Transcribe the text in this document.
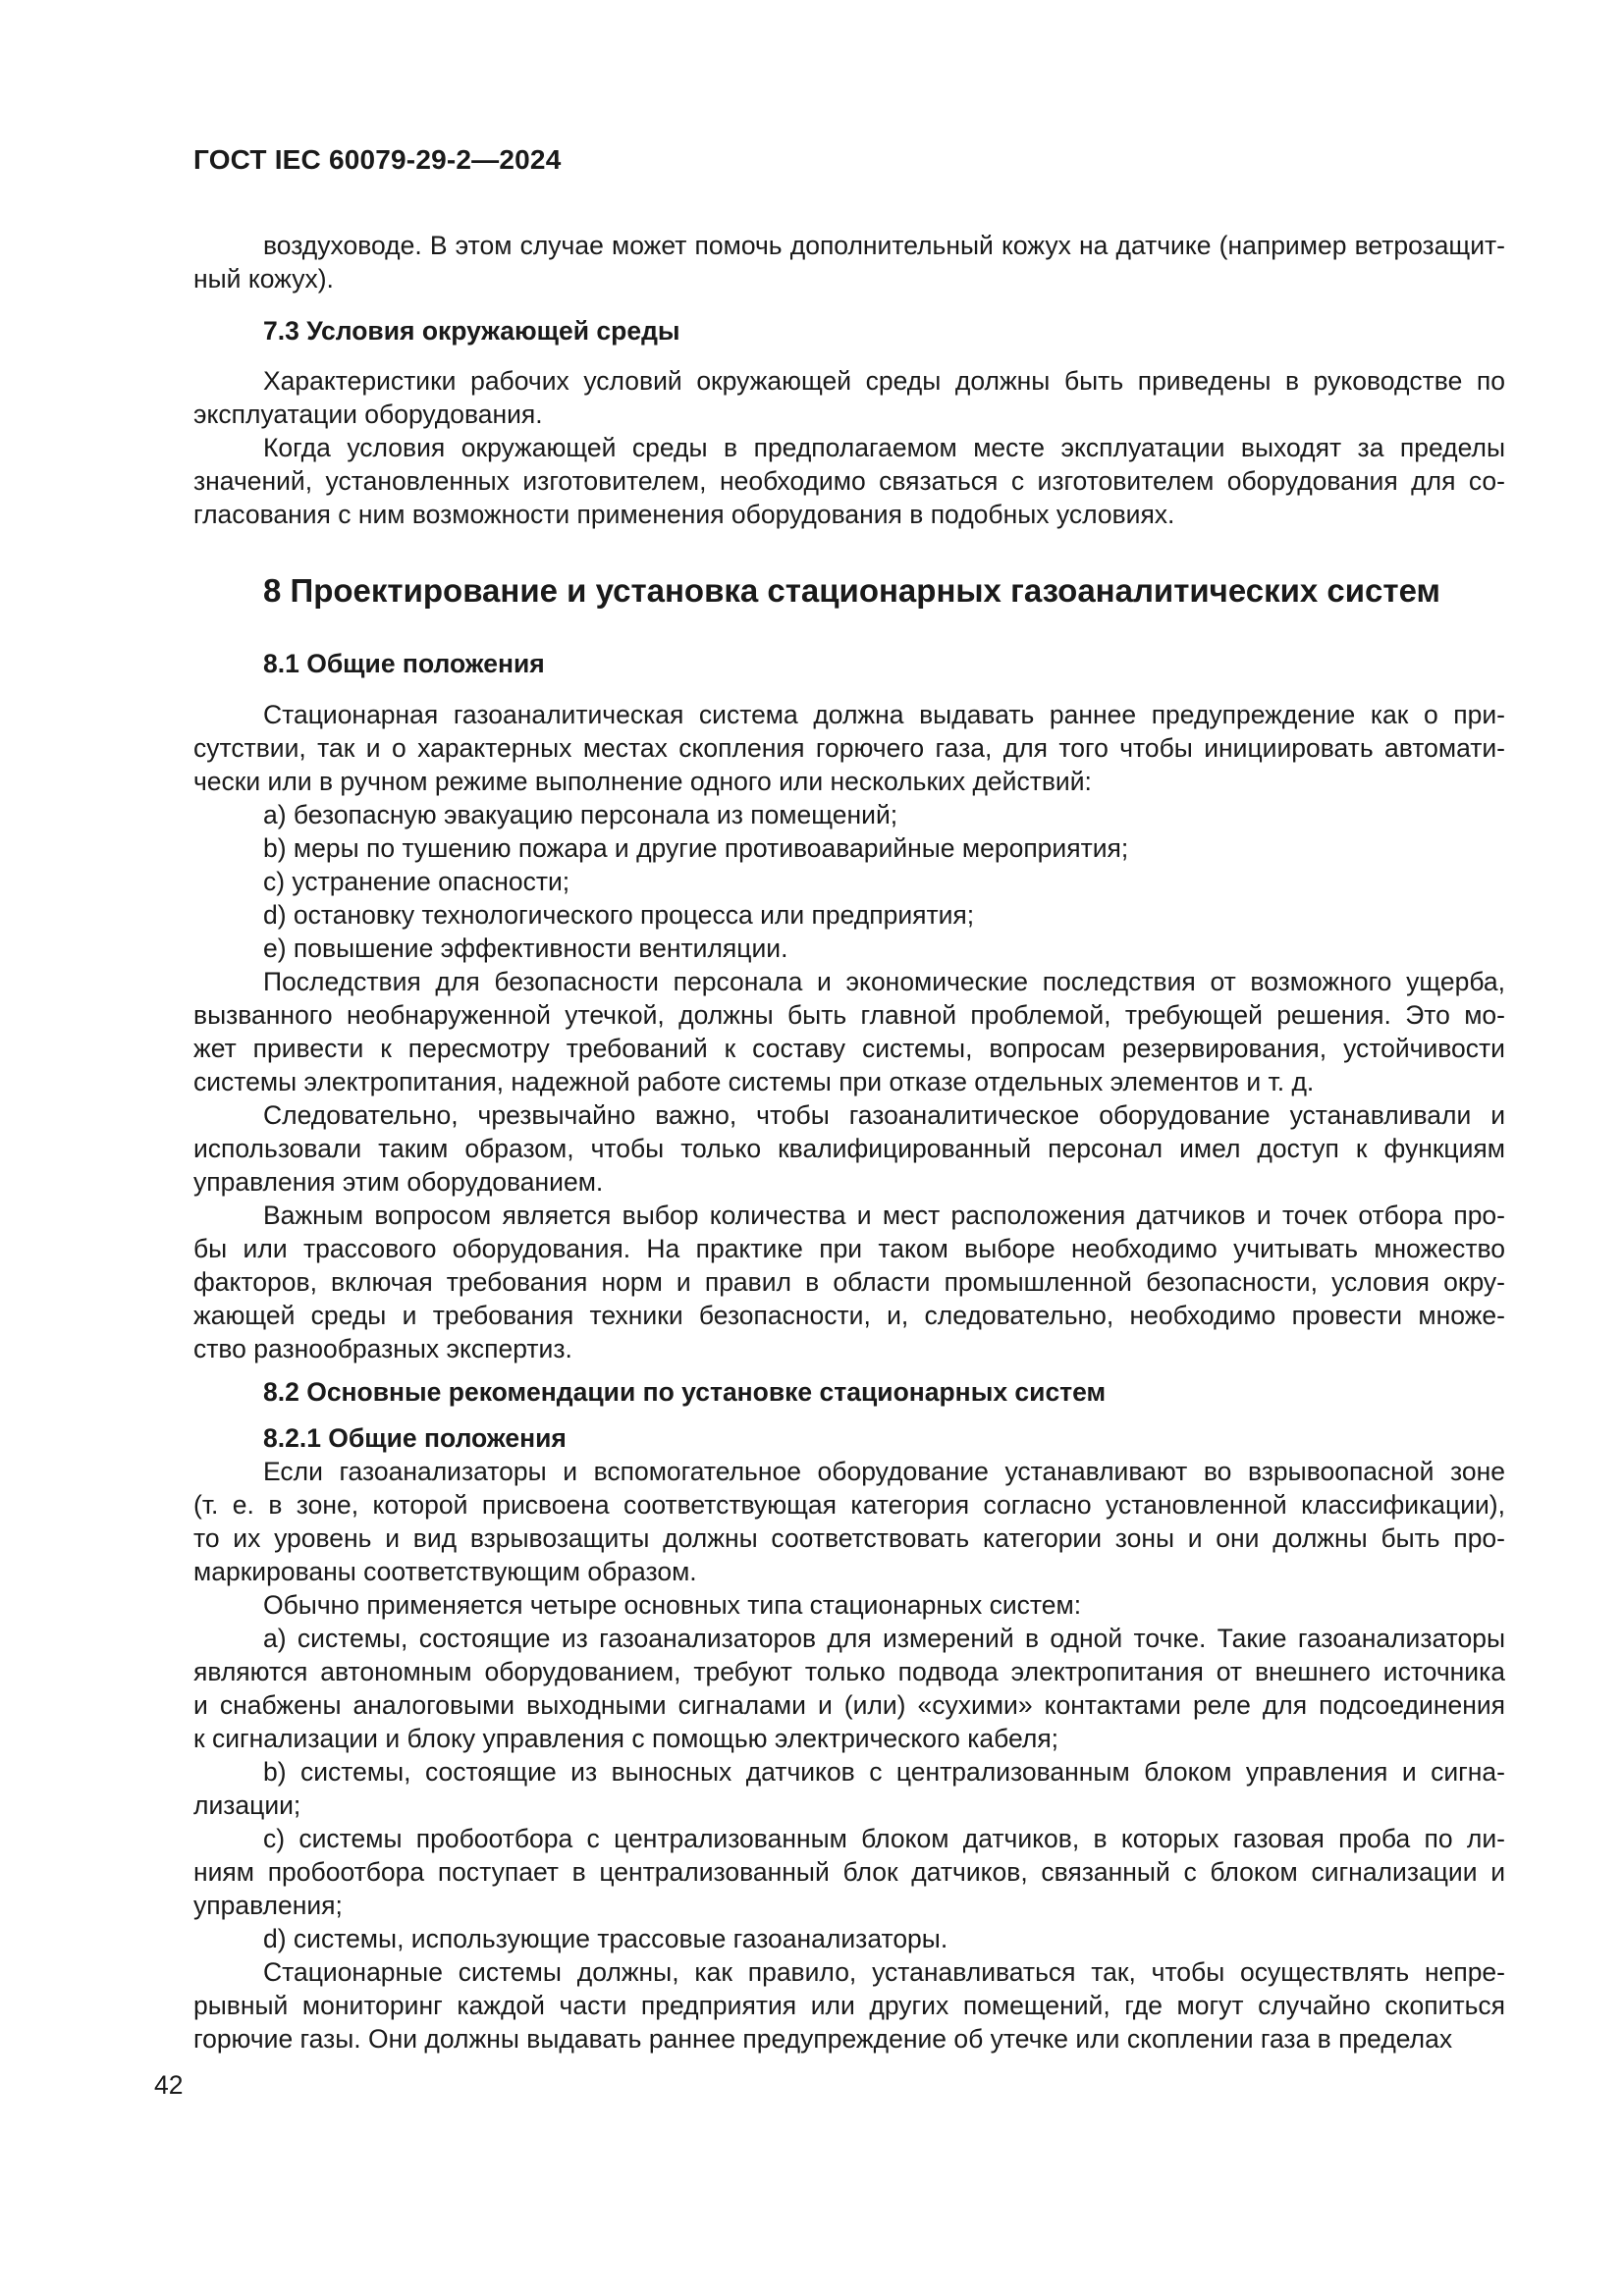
ГОСТ IEC 60079-29-2—2024
воздуховоде. В этом случае может помочь дополнительный кожух на датчике (например ветрозащит-
ный кожух).
7.3 Условия окружающей среды
Характеристики рабочих условий окружающей среды должны быть приведены в руководстве по
эксплуатации оборудования.
Когда условия окружающей среды в предполагаемом месте эксплуатации выходят за пределы
значений, установленных изготовителем, необходимо связаться с изготовителем оборудования для со-
гласования с ним возможности применения оборудования в подобных условиях.
8 Проектирование и установка стационарных газоаналитических систем
8.1 Общие положения
Стационарная газоаналитическая система должна выдавать раннее предупреждение как о при-
сутствии, так и о характерных местах скопления горючего газа, для того чтобы инициировать автомати-
чески или в ручном режиме выполнение одного или нескольких действий:
a) безопасную эвакуацию персонала из помещений;
b) меры по тушению пожара и другие противоаварийные мероприятия;
c) устранение опасности;
d) остановку технологического процесса или предприятия;
e) повышение эффективности вентиляции.
Последствия для безопасности персонала и экономические последствия от возможного ущерба,
вызванного необнаруженной утечкой, должны быть главной проблемой, требующей решения. Это мо-
жет привести к пересмотру требований к составу системы, вопросам резервирования, устойчивости
системы электропитания, надежной работе системы при отказе отдельных элементов и т. д.
Следовательно, чрезвычайно важно, чтобы газоаналитическое оборудование устанавливали и
использовали таким образом, чтобы только квалифицированный персонал имел доступ к функциям
управления этим оборудованием.
Важным вопросом является выбор количества и мест расположения датчиков и точек отбора про-
бы или трассового оборудования. На практике при таком выборе необходимо учитывать множество
факторов, включая требования норм и правил в области промышленной безопасности, условия окру-
жающей среды и требования техники безопасности, и, следовательно, необходимо провести множе-
ство разнообразных экспертиз.
8.2 Основные рекомендации по установке стационарных систем
8.2.1 Общие положения
Если газоанализаторы и вспомогательное оборудование устанавливают во взрывоопасной зоне
(т. е. в зоне, которой присвоена соответствующая категория согласно установленной классификации),
то их уровень и вид взрывозащиты должны соответствовать категории зоны и они должны быть про-
маркированы соответствующим образом.
Обычно применяется четыре основных типа стационарных систем:
a) системы, состоящие из газоанализаторов для измерений в одной точке. Такие газоанализаторы
являются автономным оборудованием, требуют только подвода электропитания от внешнего источника
и снабжены аналоговыми выходными сигналами и (или) «сухими» контактами реле для подсоединения
к сигнализации и блоку управления с помощью электрического кабеля;
b) системы, состоящие из выносных датчиков с централизованным блоком управления и сигна-
лизации;
c) системы пробоотбора с централизованным блоком датчиков, в которых газовая проба по ли-
ниям пробоотбора поступает в централизованный блок датчиков, связанный с блоком сигнализации и
управления;
d) системы, использующие трассовые газоанализаторы.
Стационарные системы должны, как правило, устанавливаться так, чтобы осуществлять непре-
рывный мониторинг каждой части предприятия или других помещений, где могут случайно скопиться
горючие газы. Они должны выдавать раннее предупреждение об утечке или скоплении газа в пределах
42
